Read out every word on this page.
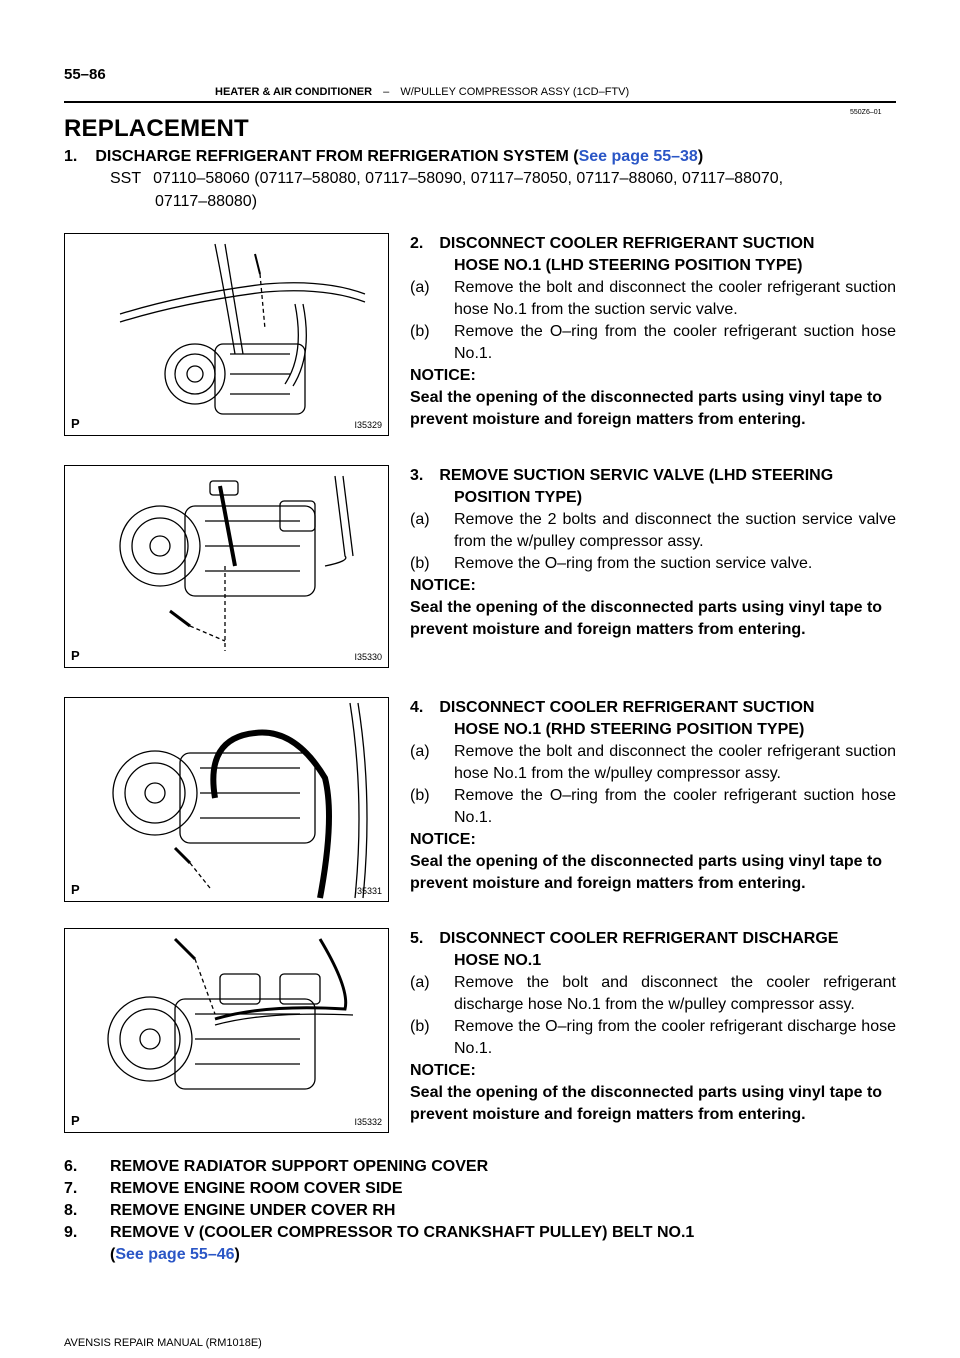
55–86
HEATER & AIR CONDITIONER – W/PULLEY COMPRESSOR ASSY (1CD–FTV)
550Z6–01
REPLACEMENT
1. DISCHARGE REFRIGERANT FROM REFRIGERATION SYSTEM (See page 55–38)
SST 07110–58060 (07117–58080, 07117–58090, 07117–78050, 07117–88060, 07117–88070,
07117–88080)
P	I35329
2. DISCONNECT COOLER REFRIGERANT SUCTION
HOSE NO.1 (LHD STEERING POSITION TYPE)
(a) Remove the bolt and disconnect the cooler refrigerant suction hose No.1 from the suction servic valve.
(b) Remove the O–ring from the cooler refrigerant suction hose No.1.
NOTICE:
Seal the opening of the disconnected parts using vinyl tape to prevent moisture and foreign matters from entering.
P	I35330
3. REMOVE SUCTION SERVIC VALVE (LHD STEERING
POSITION TYPE)
(a) Remove the 2 bolts and disconnect the suction service valve from the w/pulley compressor assy.
(b) Remove the O–ring from the suction service valve.
NOTICE:
Seal the opening of the disconnected parts using vinyl tape to prevent moisture and foreign matters from entering.
P	I35331
4. DISCONNECT COOLER REFRIGERANT SUCTION
HOSE NO.1 (RHD STEERING POSITION TYPE)
(a) Remove the bolt and disconnect the cooler refrigerant suction hose No.1 from the w/pulley compressor assy.
(b) Remove the O–ring from the cooler refrigerant suction hose No.1.
NOTICE:
Seal the opening of the disconnected parts using vinyl tape to prevent moisture and foreign matters from entering.
P	I35332
5. DISCONNECT COOLER REFRIGERANT DISCHARGE
HOSE NO.1
(a) Remove the bolt and disconnect the cooler refrigerant discharge hose No.1 from the w/pulley compressor assy.
(b) Remove the O–ring from the cooler refrigerant discharge hose No.1.
NOTICE:
Seal the opening of the disconnected parts using vinyl tape to prevent moisture and foreign matters from entering.
6. REMOVE RADIATOR SUPPORT OPENING COVER
7. REMOVE ENGINE ROOM COVER SIDE
8. REMOVE ENGINE UNDER COVER RH
9. REMOVE V (COOLER COMPRESSOR TO CRANKSHAFT PULLEY) BELT NO.1
(See page 55–46)
AVENSIS REPAIR MANUAL (RM1018E)
